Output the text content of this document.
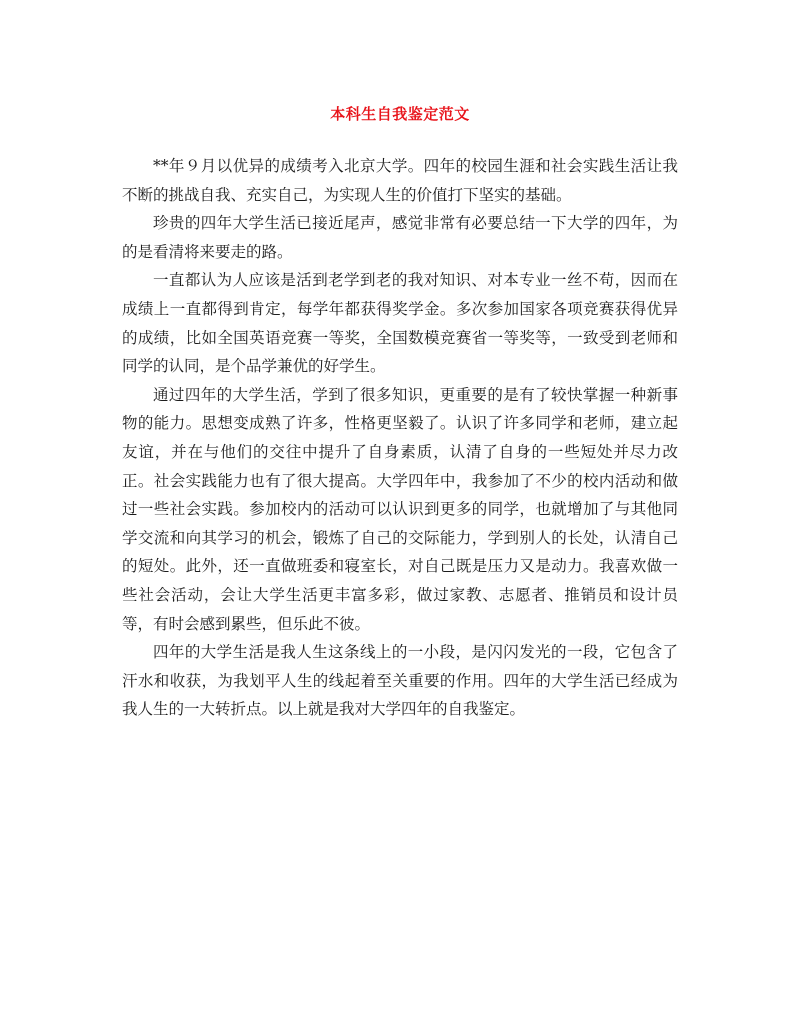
本科生自我鉴定范文

**年９月以优异的成绩考入北京大学。四年的校园生涯和社会实践生活让我不断的挑战自我、充实自己，为实现人生的价值打下坚实的基础。

珍贵的四年大学生活已接近尾声，感觉非常有必要总结一下大学的四年，为的是看清将来要走的路。

一直都认为人应该是活到老学到老的我对知识、对本专业一丝不苟，因而在成绩上一直都得到肯定，每学年都获得奖学金。多次参加国家各项竞赛获得优异的成绩，比如全国英语竞赛一等奖，全国数模竞赛省一等奖等，一致受到老师和同学的认同，是个品学兼优的好学生。

通过四年的大学生活，学到了很多知识，更重要的是有了较快掌握一种新事物的能力。思想变成熟了许多，性格更坚毅了。认识了许多同学和老师，建立起友谊，并在与他们的交往中提升了自身素质，认清了自身的一些短处并尽力改正。社会实践能力也有了很大提高。大学四年中，我参加了不少的校内活动和做过一些社会实践。参加校内的活动可以认识到更多的同学，也就增加了与其他同学交流和向其学习的机会，锻炼了自己的交际能力，学到别人的长处，认清自己的短处。此外，还一直做班委和寝室长，对自己既是压力又是动力。我喜欢做一些社会活动，会让大学生活更丰富多彩，做过家教、志愿者、推销员和设计员等，有时会感到累些，但乐此不彼。

四年的大学生活是我人生这条线上的一小段，是闪闪发光的一段，它包含了汗水和收获，为我划平人生的线起着至关重要的作用。四年的大学生活已经成为我人生的一大转折点。以上就是我对大学四年的自我鉴定。
